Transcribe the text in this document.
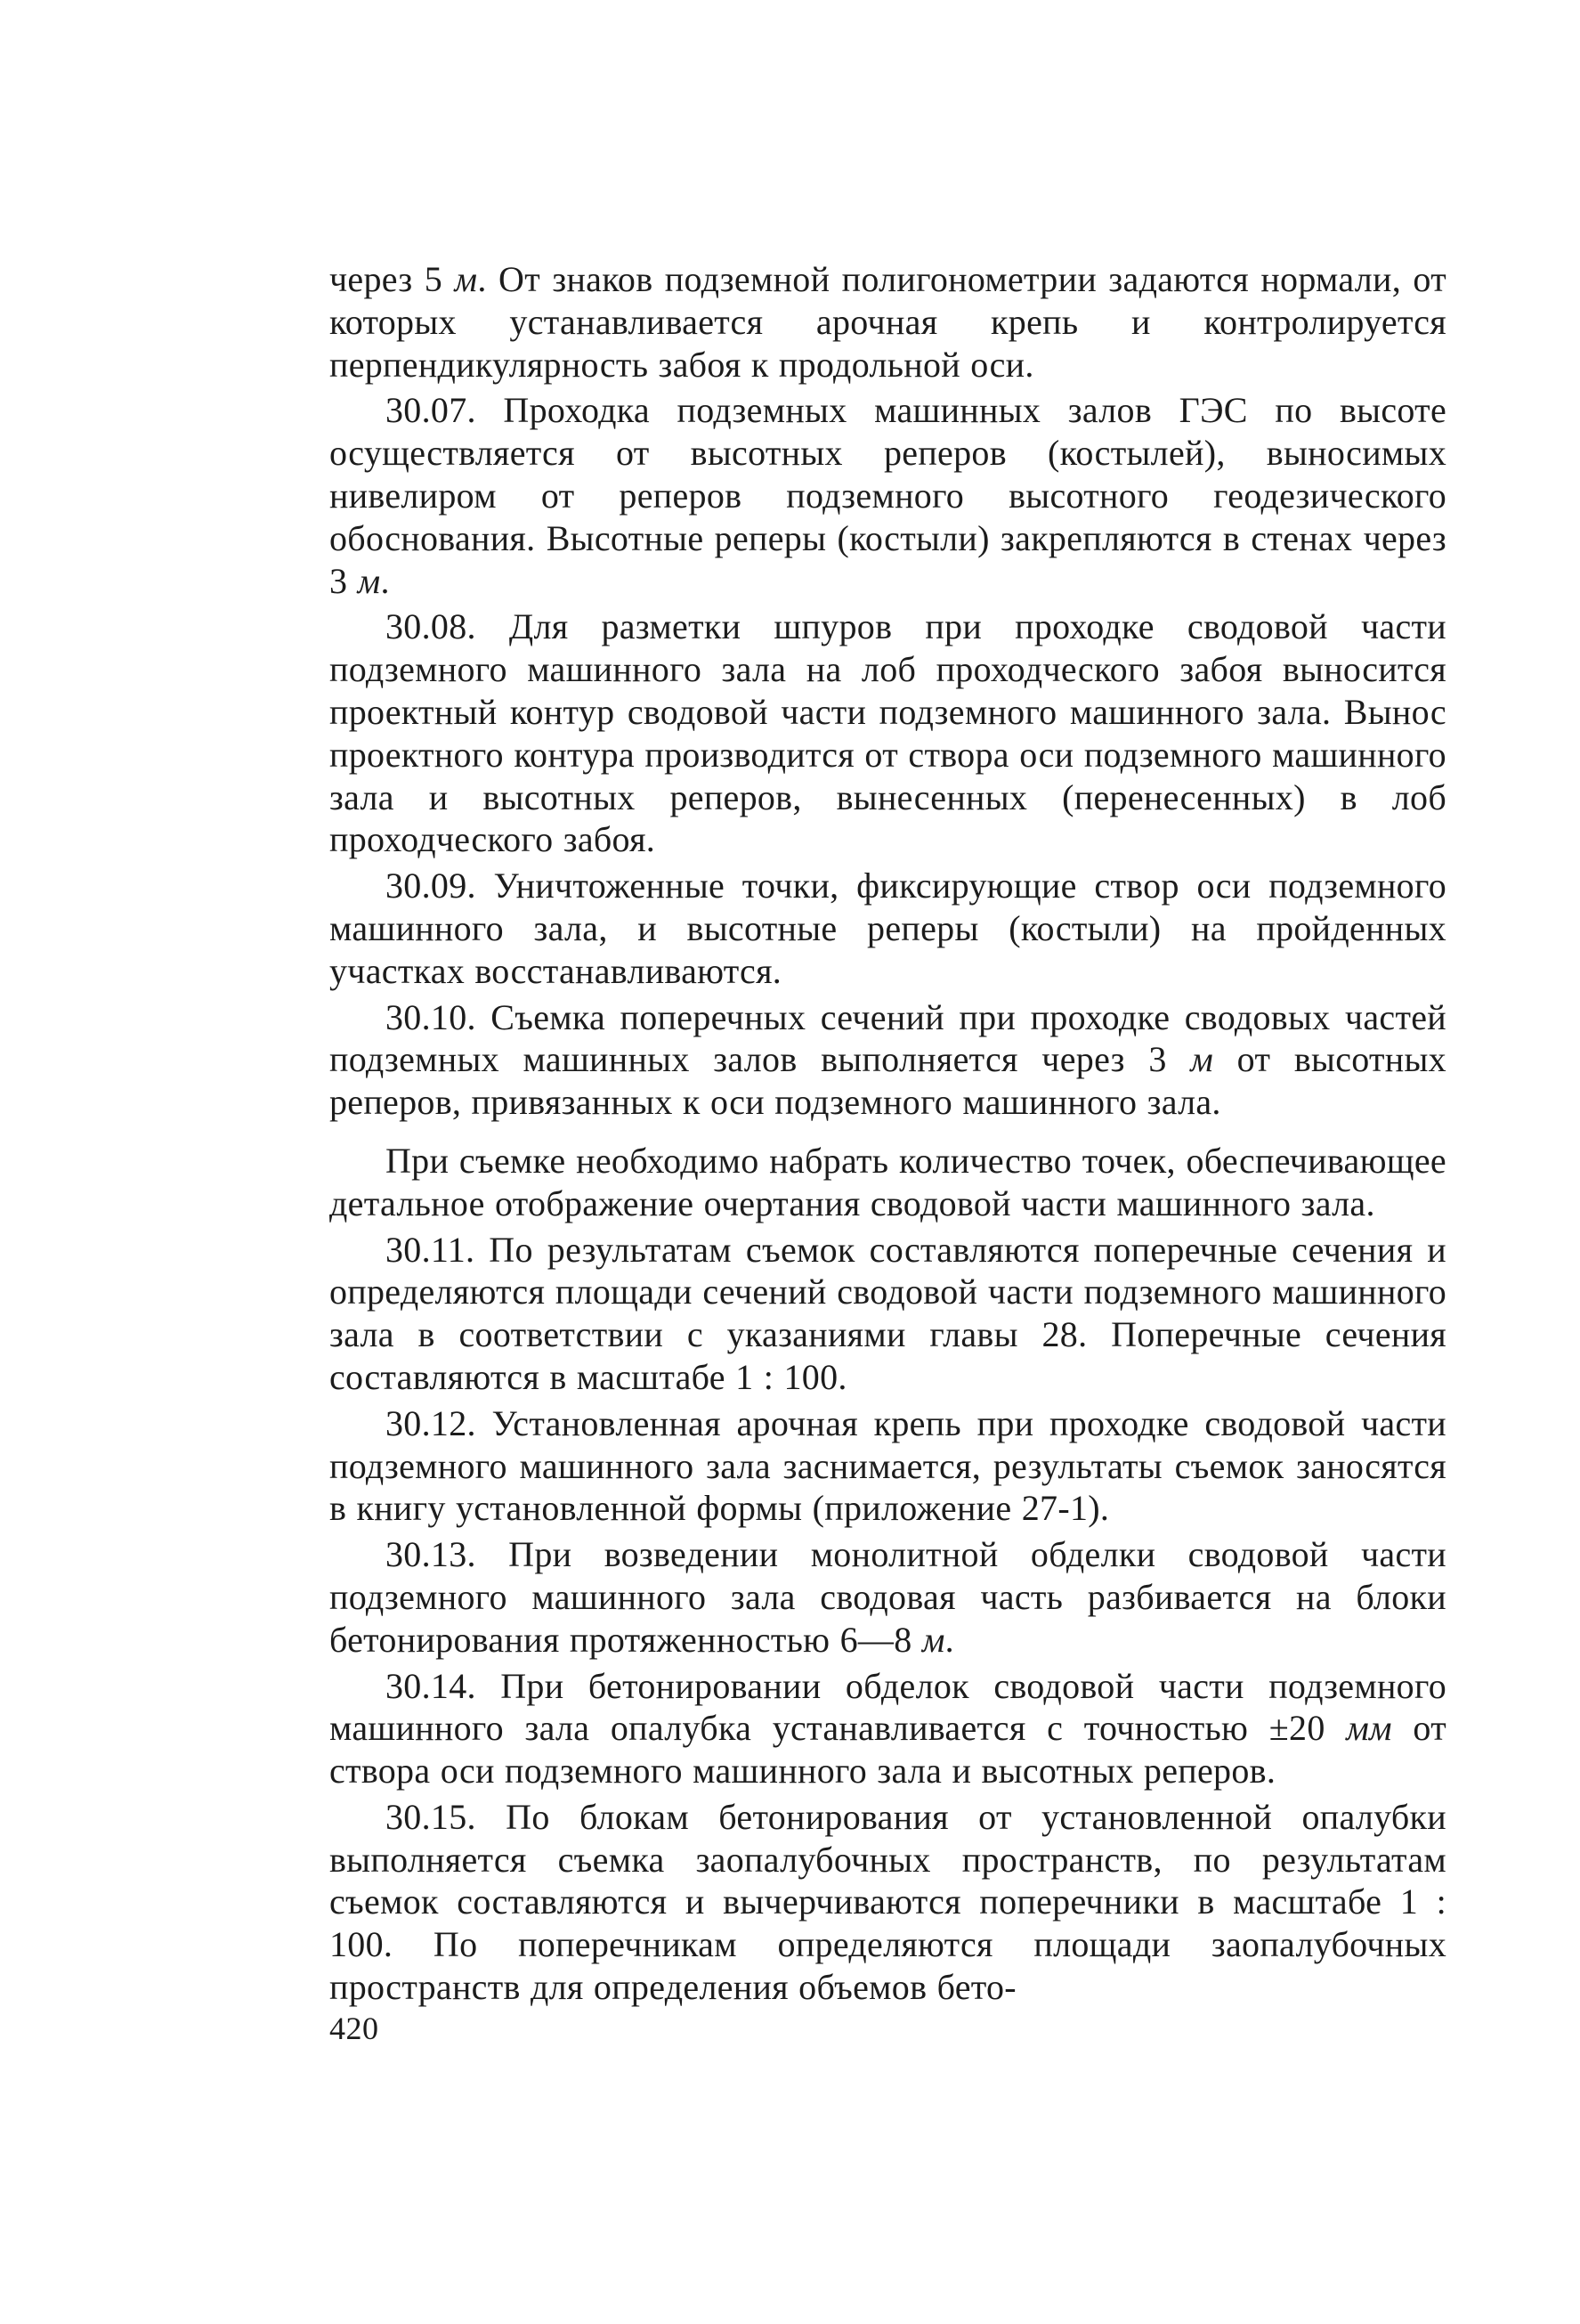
через 5 м. От знаков подземной полигонометрии задаются нормали, от которых устанавливается арочная крепь и контролируется перпендикулярность забоя к продольной оси.

30.07. Проходка подземных машинных залов ГЭС по высоте осуществляется от высотных реперов (костылей), выносимых нивелиром от реперов подземного высотного геодезического обоснования. Высотные реперы (костыли) закрепляются в стенах через 3 м.

30.08. Для разметки шпуров при проходке сводовой части подземного машинного зала на лоб проходческого забоя выносится проектный контур сводовой части подземного машинного зала. Вынос проектного контура производится от створа оси подземного машинного зала и высотных реперов, вынесенных (перенесенных) в лоб проходческого забоя.

30.09. Уничтоженные точки, фиксирующие створ оси подземного машинного зала, и высотные реперы (костыли) на пройденных участках восстанавливаются.

30.10. Съемка поперечных сечений при проходке сводовых частей подземных машинных залов выполняется через 3 м от высотных реперов, привязанных к оси подземного машинного зала.

При съемке необходимо набрать количество точек, обеспечивающее детальное отображение очертания сводовой части машинного зала.

30.11. По результатам съемок составляются поперечные сечения и определяются площади сечений сводовой части подземного машинного зала в соответствии с указаниями главы 28. Поперечные сечения составляются в масштабе 1 : 100.

30.12. Установленная арочная крепь при проходке сводовой части подземного машинного зала заснимается, результаты съемок заносятся в книгу установленной формы (приложение 27-1).

30.13. При возведении монолитной обделки сводовой части подземного машинного зала сводовая часть разбивается на блоки бетонирования протяженностью 6—8 м.

30.14. При бетонировании обделок сводовой части подземного машинного зала опалубка устанавливается с точностью ±20 мм от створа оси подземного машинного зала и высотных реперов.

30.15. По блокам бетонирования от установленной опалубки выполняется съемка заопалубочных пространств, по результатам съемок составляются и вычерчиваются поперечники в масштабе 1 : 100. По поперечникам определяются площади заопалубочных пространств для определения объемов бето-

420
